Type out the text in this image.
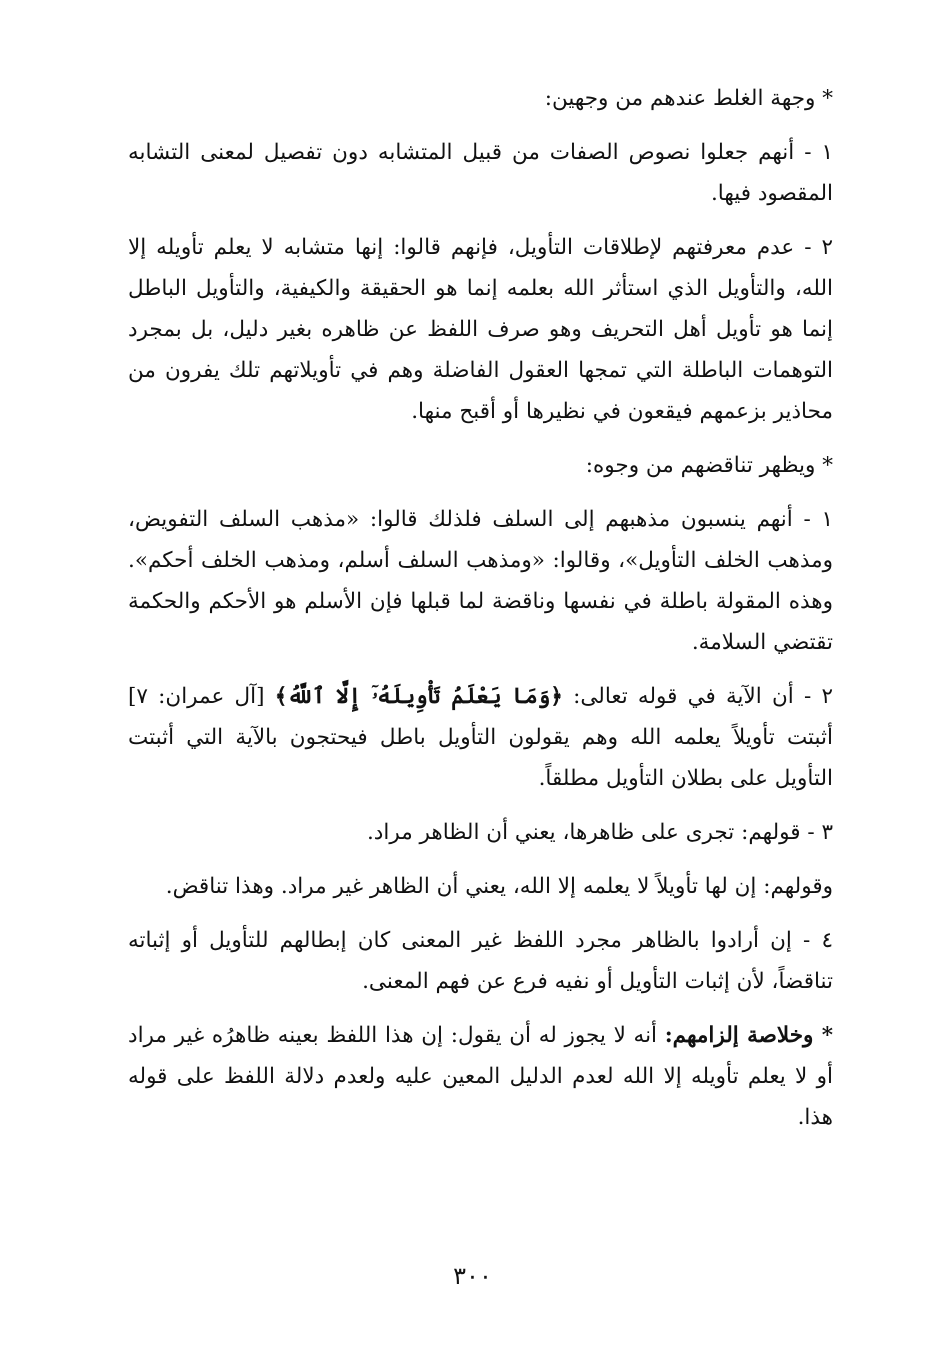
* وجهة الغلط عندهم من وجهين:

١ - أنهم جعلوا نصوص الصفات من قبيل المتشابه دون تفصيل لمعنى التشابه المقصود فيها.

٢ - عدم معرفتهم لإطلاقات التأويل، فإنهم قالوا: إنها متشابه لا يعلم تأويله إلا الله، والتأويل الذي استأثر الله بعلمه إنما هو الحقيقة والكيفية، والتأويل الباطل إنما هو تأويل أهل التحريف وهو صرف اللفظ عن ظاهره بغير دليل، بل بمجرد التوهمات الباطلة التي تمجها العقول الفاضلة وهم في تأويلاتهم تلك يفرون من محاذير بزعمهم فيقعون في نظيرها أو أقبح منها.

* ويظهر تناقضهم من وجوه:

١ - أنهم ينسبون مذهبهم إلى السلف فلذلك قالوا: «مذهب السلف التفويض، ومذهب الخلف التأويل»، وقالوا: «ومذهب السلف أسلم، ومذهب الخلف أحكم». وهذه المقولة باطلة في نفسها وناقضة لما قبلها فإن الأسلم هو الأحكم والحكمة تقتضي السلامة.

٢ - أن الآية في قوله تعالى: ﴿وَمَا يَعْلَمُ تَأْوِيلَهُۥٓ إِلَّا ٱللَّهُ﴾ [آل عمران: ٧] أثبتت تأويلاً يعلمه الله وهم يقولون التأويل باطل فيحتجون بالآية التي أثبتت التأويل على بطلان التأويل مطلقاً.

٣ - قولهم: تجرى على ظاهرها، يعني أن الظاهر مراد.

وقولهم: إن لها تأويلاً لا يعلمه إلا الله، يعني أن الظاهر غير مراد. وهذا تناقض.

٤ - إن أرادوا بالظاهر مجرد اللفظ غير المعنى كان إبطالهم للتأويل أو إثباته تناقضاً، لأن إثبات التأويل أو نفيه فرع عن فهم المعنى.

* وخلاصة إلزامهم: أنه لا يجوز له أن يقول: إن هذا اللفظ بعينه ظاهرُه غير مراد أو لا يعلم تأويله إلا الله لعدم الدليل المعين عليه ولعدم دلالة اللفظ على قوله هذا.

٣٠٠
